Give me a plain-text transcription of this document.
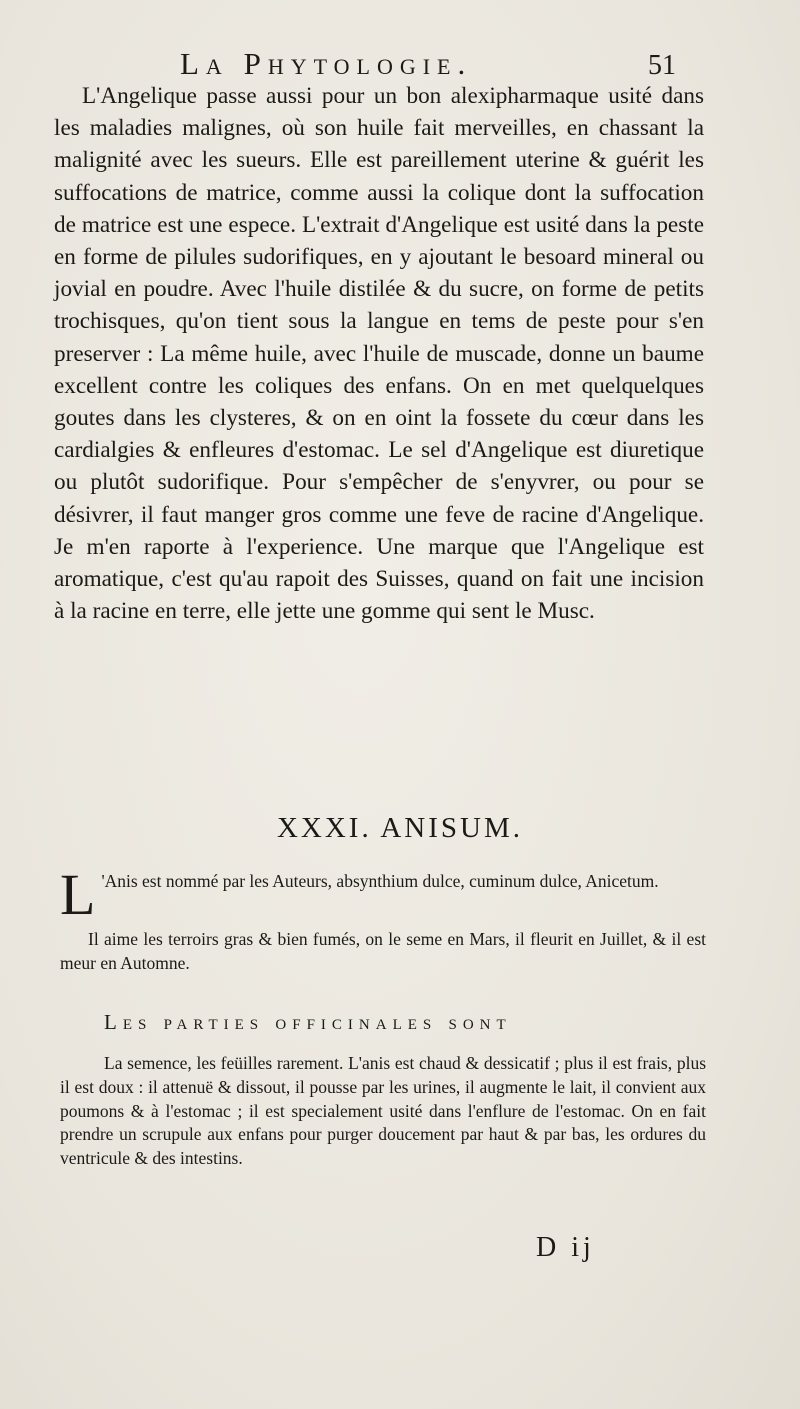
La Phytologie.	51

L'Angelique passe aussi pour un bon alexipharmaque usité dans les maladies malignes, où son huile fait merveilles, en chassant la malignité avec les sueurs. Elle est pareillement uterine & guérit les suffocations de matrice, comme aussi la colique dont la suffocation de matrice est une espece. L'extrait d'Angelique est usité dans la peste en forme de pilules sudorifiques, en y ajoutant le besoard mineral ou jovial en poudre. Avec l'huile distilée & du sucre, on forme de petits trochisques, qu'on tient sous la langue en tems de peste pour s'en preserver : La même huile, avec l'huile de muscade, donne un baume excellent contre les coliques des enfans. On en met quelquelques goutes dans les clysteres, & on en oint la fossete du cœur dans les cardialgies & enfleures d'estomac. Le sel d'Angelique est diuretique ou plutôt sudorifique. Pour s'empêcher de s'enyvrer, ou pour se désivrer, il faut manger gros comme une feve de racine d'Angelique. Je m'en raporte à l'experience. Une marque que l'Angelique est aromatique, c'est qu'au rapoit des Suisses, quand on fait une incision à la racine en terre, elle jette une gomme qui sent le Musc.

XXXI. ANISUM.
L 'Anis est nommé par les Auteurs, absynthium dulce, cuminum dulce, Anicetum.

Il aime les terroirs gras & bien fumés, on le seme en Mars, il fleurit en Juillet, & il est meur en Automne.

Les parties officinales sont

La semence, les feüilles rarement. L'anis est chaud & dessicatif ; plus il est frais, plus il est doux : il attenuë & dissout, il pousse par les urines, il augmente le lait, il convient aux poumons & à l'estomac ; il est specialement usité dans l'enflure de l'estomac. On en fait prendre un scrupule aux enfans pour purger doucement par haut & par bas, les ordures du ventricule & des intestins.

D ij
